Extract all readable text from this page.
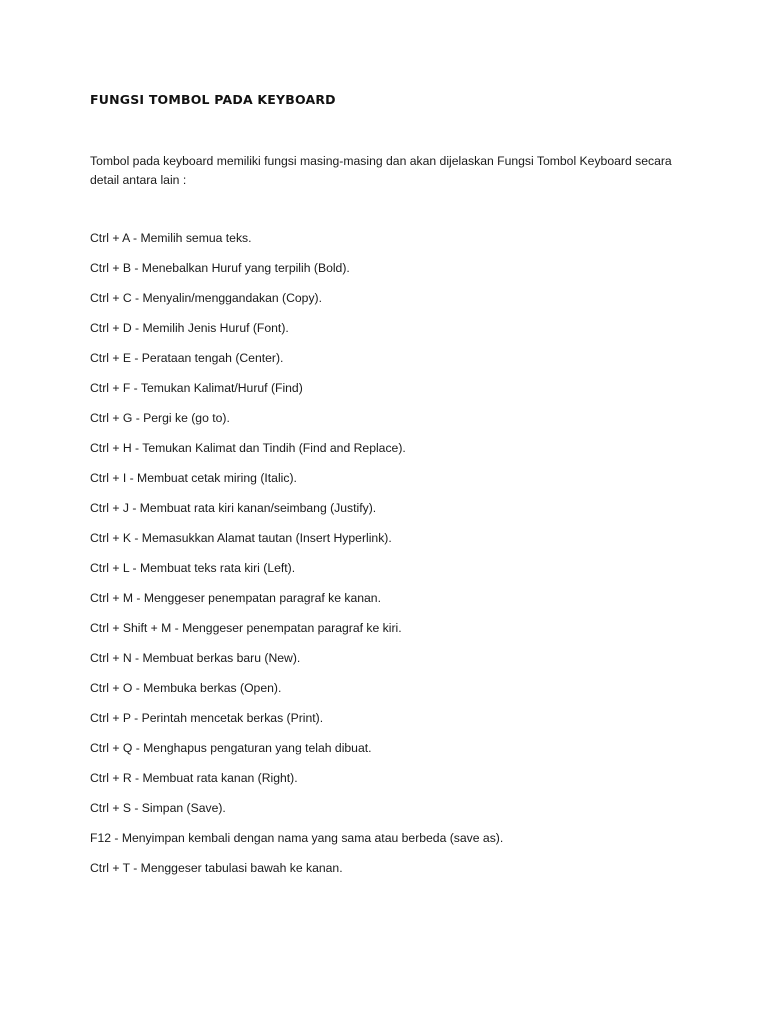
FUNGSI TOMBOL PADA KEYBOARD

Tombol pada keyboard memiliki fungsi masing-masing dan akan dijelaskan Fungsi Tombol Keyboard secara detail antara lain :

Ctrl + A - Memilih semua teks.
Ctrl + B - Menebalkan Huruf yang terpilih (Bold).
Ctrl + C - Menyalin/menggandakan (Copy).
Ctrl + D - Memilih Jenis Huruf (Font).
Ctrl + E - Perataan tengah (Center).
Ctrl + F - Temukan Kalimat/Huruf (Find)
Ctrl + G - Pergi ke (go to).
Ctrl + H - Temukan Kalimat dan Tindih (Find and Replace).
Ctrl + I - Membuat cetak miring (Italic).
Ctrl + J - Membuat rata kiri kanan/seimbang (Justify).
Ctrl + K - Memasukkan Alamat tautan (Insert Hyperlink).
Ctrl + L - Membuat teks rata kiri (Left).
Ctrl + M - Menggeser penempatan paragraf ke kanan.
Ctrl + Shift + M - Menggeser penempatan paragraf ke kiri.
Ctrl + N - Membuat berkas baru (New).
Ctrl + O - Membuka berkas (Open).
Ctrl + P - Perintah mencetak berkas (Print).
Ctrl + Q - Menghapus pengaturan yang telah dibuat.
Ctrl + R - Membuat rata kanan (Right).
Ctrl + S - Simpan (Save).
F12 - Menyimpan kembali dengan nama yang sama atau berbeda (save as).
Ctrl + T - Menggeser tabulasi bawah ke kanan.
